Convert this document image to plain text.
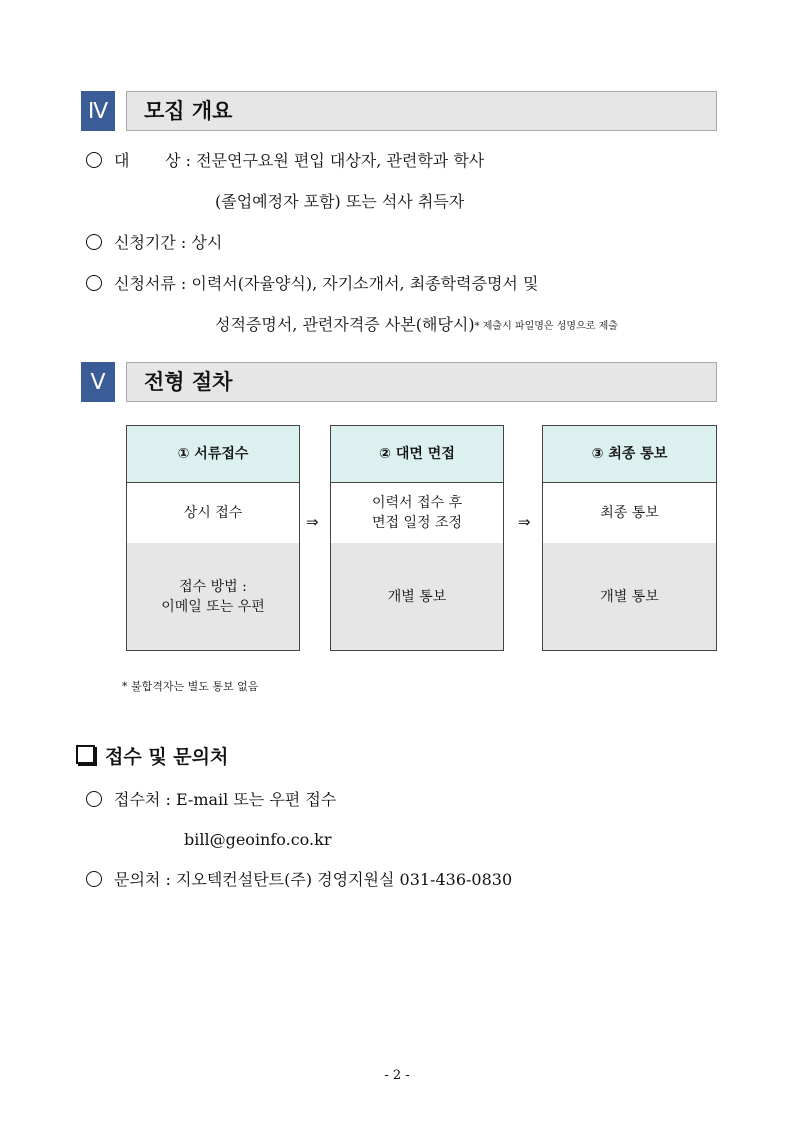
Ⅳ	모집 개요
대       상 : 전문연구요원 편입 대상자, 관련학과 학사
(졸업예정자 포함) 또는 석사 취득자
신청기간 : 상시
신청서류 : 이력서(자율양식), 자기소개서, 최종학력증명서 및
성적증명서, 관련자격증 사본(해당시)* 제출시 파일명은 성명으로 제출
Ⅴ	전형 절차
① 서류접수
상시 접수
접수 방법 :
이메일 또는 우편
⇒
② 대면 면접
이력서 접수 후
면접 일정 조정
개별 통보
⇒
③ 최종 통보
최종 통보
개별 통보
* 불합격자는 별도 통보 없음
접수 및 문의처
접수처 : E-mail 또는 우편 접수
bill@geoinfo.co.kr
문의처 : 지오텍컨설탄트(주) 경영지원실 031-436-0830
- 2 -
